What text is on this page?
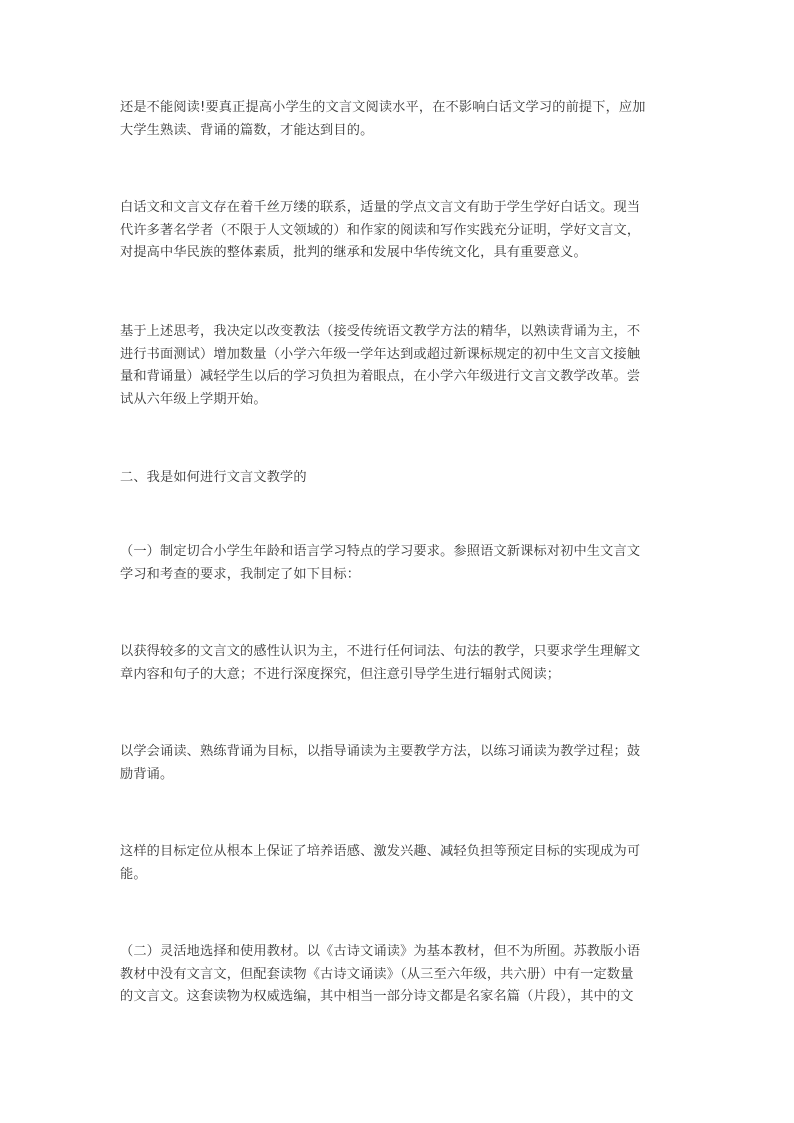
还是不能阅读!要真正提高小学生的文言文阅读水平，在不影响白话文学习的前提下，应加
大学生熟读、背诵的篇数，才能达到目的。

白话文和文言文存在着千丝万缕的联系，适量的学点文言文有助于学生学好白话文。现当
代许多著名学者（不限于人文领域的）和作家的阅读和写作实践充分证明，学好文言文，
对提高中华民族的整体素质，批判的继承和发展中华传统文化，具有重要意义。

基于上述思考，我决定以改变教法（接受传统语文教学方法的精华，以熟读背诵为主，不
进行书面测试）增加数量（小学六年级一学年达到或超过新课标规定的初中生文言文接触
量和背诵量）减轻学生以后的学习负担为着眼点，在小学六年级进行文言文教学改革。尝
试从六年级上学期开始。

二、我是如何进行文言文教学的

（一）制定切合小学生年龄和语言学习特点的学习要求。参照语文新课标对初中生文言文
学习和考查的要求，我制定了如下目标：

以获得较多的文言文的感性认识为主，不进行任何词法、句法的教学，只要求学生理解文
章内容和句子的大意；不进行深度探究，但注意引导学生进行辐射式阅读；

以学会诵读、熟练背诵为目标，以指导诵读为主要教学方法，以练习诵读为教学过程；鼓
励背诵。

这样的目标定位从根本上保证了培养语感、激发兴趣、减轻负担等预定目标的实现成为可
能。

（二）灵活地选择和使用教材。以《古诗文诵读》为基本教材，但不为所囿。苏教版小语
教材中没有文言文，但配套读物《古诗文诵读》（从三至六年级，共六册）中有一定数量
的文言文。这套读物为权威选编，其中相当一部分诗文都是名家名篇（片段），其中的文
